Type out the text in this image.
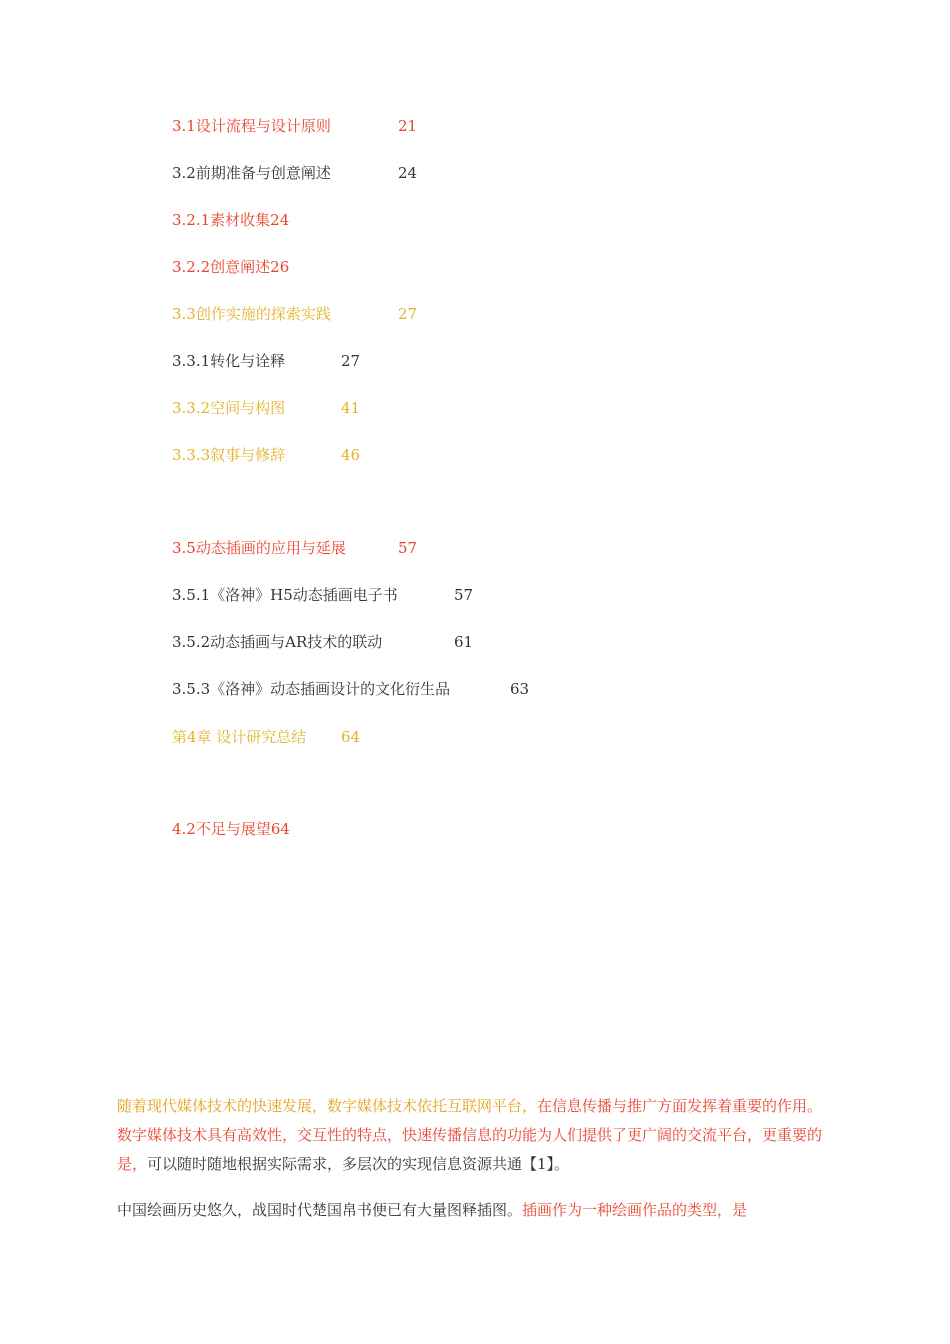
3.1设计流程与设计原则	21
3.2前期准备与创意阐述	24
3.2.1素材收集24
3.2.2创意阐述26
3.3创作实施的探索实践	27
3.3.1转化与诠释	27
3.3.2空间与构图	41
3.3.3叙事与修辞	46
3.5动态插画的应用与延展	57
3.5.1《洛神》H5动态插画电子书	57
3.5.2动态插画与AR技术的联动	61
3.5.3《洛神》动态插画设计的文化衍生品	63
第4章 设计研究总结 64
4.2不足与展望64
随着现代媒体技术的快速发展，数字媒体技术依托互联网平台，在信息传播与推广方面发挥着重要的作用。数字媒体技术具有高效性，交互性的特点，快速传播信息的功能为人们提供了更广阔的交流平台，更重要的是，可以随时随地根据实际需求，多层次的实现信息资源共通【1】。
中国绘画历史悠久，战国时代楚国帛书便已有大量图释插图。插画作为一种绘画作品的类型，是
